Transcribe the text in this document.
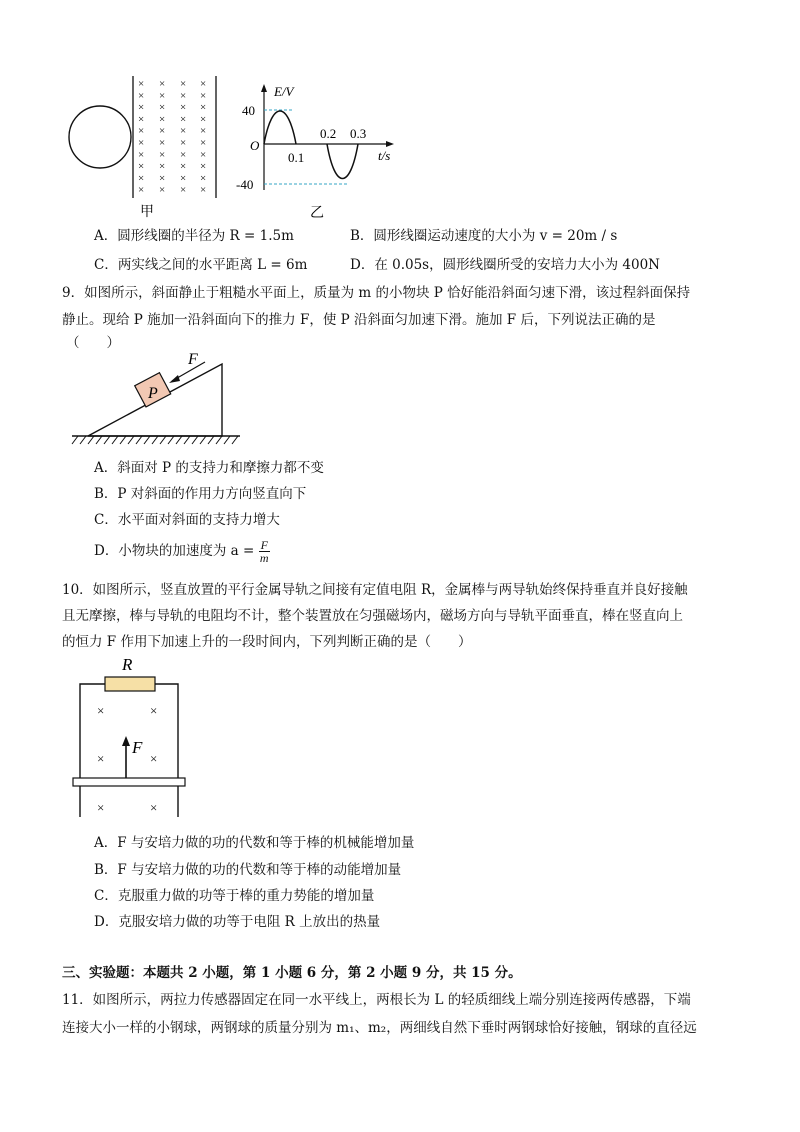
× × × ×
× × × ×
× × × ×
× × × ×
× × × ×
× × × ×
× × × ×
× × × ×
× × × ×
× × × ×
甲
E/V
40
O
0.1
0.2 0.3
t/s
-40
乙
A．圆形线圈的半径为 R = 1.5m	B．圆形线圈运动速度的大小为 v = 20m / s
C．两实线之间的水平距离 L = 6m	D．在 0.05s，圆形线圈所受的安培力大小为 400N
9．如图所示，斜面静止于粗糙水平面上，质量为 m 的小物块 P 恰好能沿斜面匀速下滑，该过程斜面保持
静止。现给 P 施加一沿斜面向下的推力 F，使 P 沿斜面匀加速下滑。施加 F 后，下列说法正确的是
（　　）
P
F
A．斜面对 P 的支持力和摩擦力都不变
B．P 对斜面的作用力方向竖直向下
C．水平面对斜面的支持力增大
D．小物块的加速度为 $a = \frac{F}{m}$
10．如图所示，竖直放置的平行金属导轨之间接有定值电阻 R，金属棒与两导轨始终保持垂直并良好接触
且无摩擦，棒与导轨的电阻均不计，整个装置放在匀强磁场内，磁场方向与导轨平面垂直，棒在竖直向上
的恒力 F 作用下加速上升的一段时间内，下列判断正确的是（　　）
R
F
×	×
×	×
×	×
A．F 与安培力做的功的代数和等于棒的机械能增加量
B．F 与安培力做的功的代数和等于棒的动能增加量
C．克服重力做的功等于棒的重力势能的增加量
D．克服安培力做的功等于电阻 R 上放出的热量
三、实验题：本题共 2 小题，第 1 小题 6 分，第 2 小题 9 分，共 15 分。
11．如图所示，两拉力传感器固定在同一水平线上，两根长为 L 的轻质细线上端分别连接两传感器，下端
连接大小一样的小钢球，两钢球的质量分别为 m₁、m₂，两细线自然下垂时两钢球恰好接触，钢球的直径远
